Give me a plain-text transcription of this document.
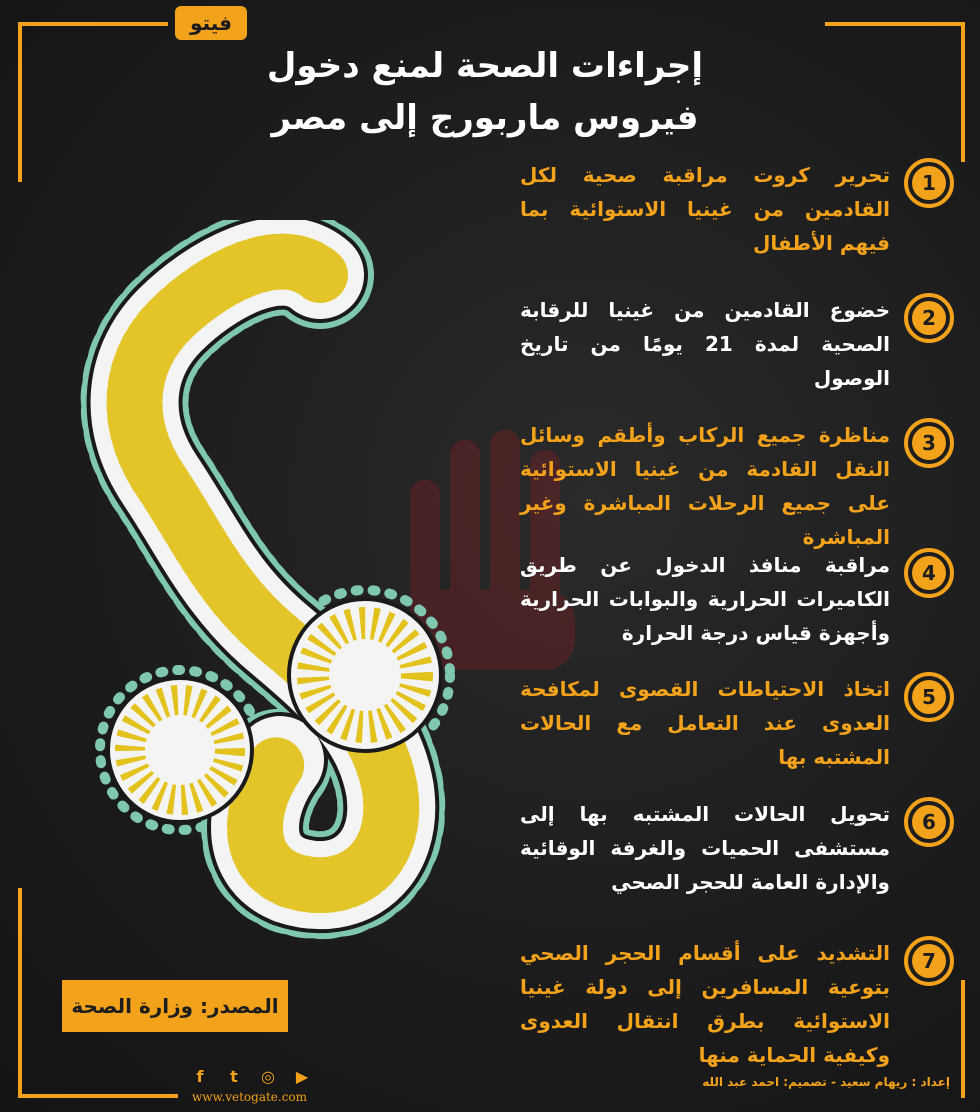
فيتو
إجراءات الصحة لمنع دخول
فيروس ماربورج إلى مصر
تحرير كروت مراقبة صحية لكل القادمين من غينيا الاستوائية بما فيهم الأطفال
1
خضوع القادمين من غينيا للرقابة الصحية لمدة 21 يومًا من تاريخ الوصول
2
مناظرة جميع الركاب وأطقم وسائل النقل القادمة من غينيا الاستوائية على جميع الرحلات المباشرة وغير المباشرة
3
مراقبة منافذ الدخول عن طريق الكاميرات الحرارية والبوابات الحرارية وأجهزة قياس درجة الحرارة
4
اتخاذ الاحتياطات القصوى لمكافحة العدوى عند التعامل مع الحالات المشتبه بها
5
تحويل الحالات المشتبه بها إلى مستشفى الحميات والغرفة الوقائية والإدارة العامة للحجر الصحي
6
التشديد على أقسام الحجر الصحي بتوعية المسافرين إلى دولة غينيا الاستوائية بطرق انتقال العدوى وكيفية الحماية منها
7
المصدر: وزارة الصحة
f	t	◎ ▶
www.vetogate.com
إعداد : ريهام سعيد - تصميم: احمد عبد الله
